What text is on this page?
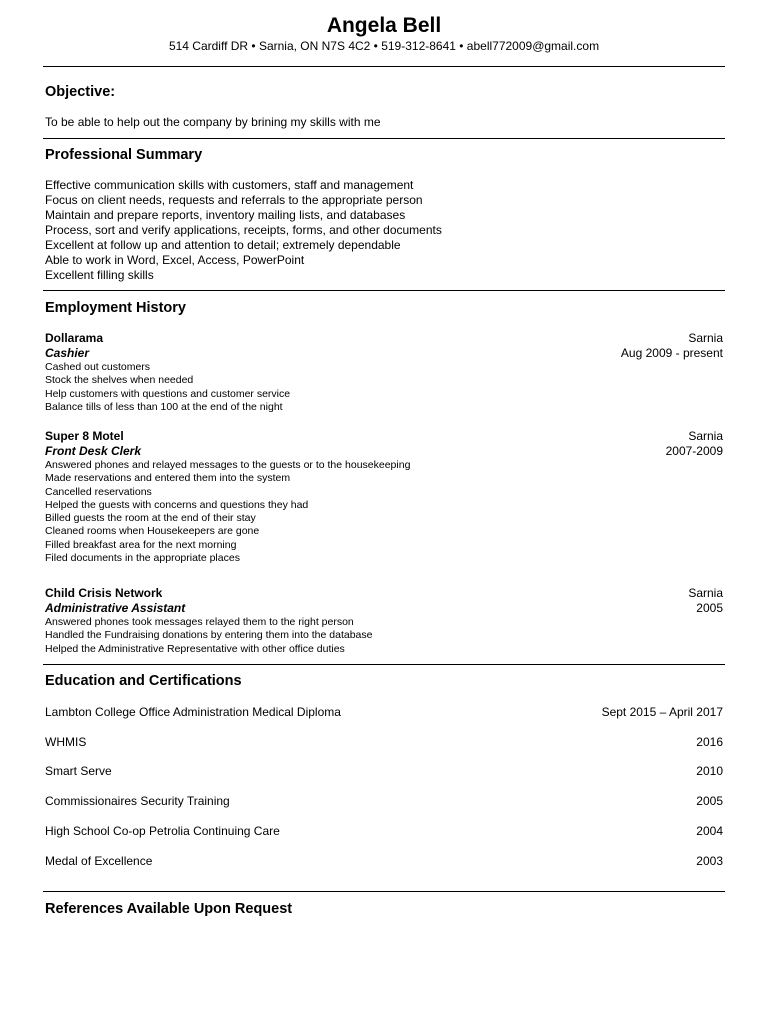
Angela Bell
514 Cardiff DR • Sarnia, ON N7S 4C2 • 519-312-8641 • abell772009@gmail.com
Objective:
To be able to help out the company by brining my skills with me
Professional Summary
Effective communication skills with customers, staff and management
Focus on client needs, requests and referrals to the appropriate person
Maintain and prepare reports, inventory mailing lists, and databases
Process, sort and verify applications, receipts, forms, and other documents
Excellent at follow up and attention to detail; extremely dependable
Able to work in Word, Excel, Access, PowerPoint
Excellent filling skills
Employment History
Dollarama	Sarnia
Cashier	Aug 2009 - present
Cashed out customers
Stock the shelves when needed
Help customers with questions and customer service
Balance tills of less than 100 at the end of the night
Super 8 Motel	Sarnia
Front Desk Clerk	2007-2009
Answered phones and relayed messages to the guests or to the housekeeping
Made reservations and entered them into the system
Cancelled reservations
Helped the guests with concerns and questions they had
Billed guests the room at the end of their stay
Cleaned rooms when Housekeepers are gone
Filled breakfast area for the next morning
Filed documents in the appropriate places
Child Crisis Network	Sarnia
Administrative Assistant	2005
Answered phones took messages relayed them to the right person
Handled the Fundraising donations by entering them into the database
Helped the Administrative Representative with other office duties
Education and Certifications
Lambton College Office Administration Medical Diploma	Sept 2015 – April 2017
WHMIS	2016
Smart Serve	2010
Commissionaires Security Training	2005
High School Co-op Petrolia Continuing Care	2004
Medal of Excellence	2003
References Available Upon Request
